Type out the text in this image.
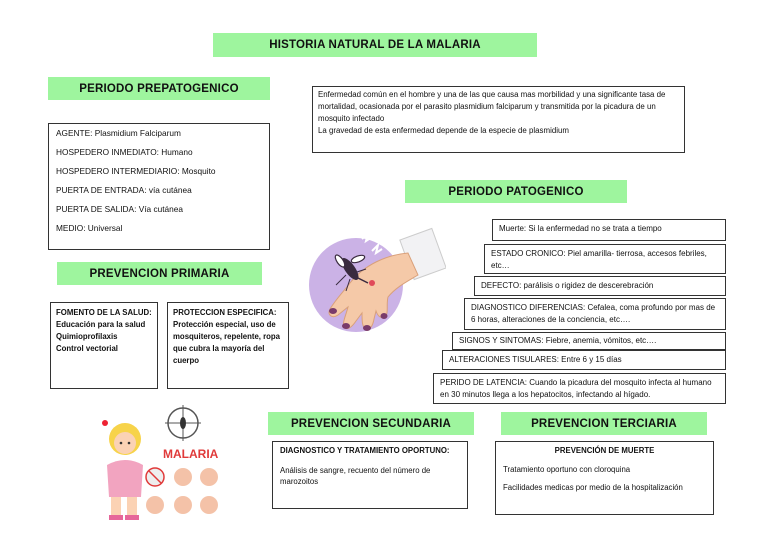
HISTORIA NATURAL DE LA MALARIA
PERIODO PREPATOGENICO

AGENTE: Plasmidium Falciparum

HOSPEDERO INMEDIATO: Humano

HOSPEDERO INTERMEDIARIO: Mosquito

PUERTA DE ENTRADA: vía cutánea

PUERTA DE SALIDA: Vía cutánea

MEDIO: Universal

Enfermedad común en el hombre y una de las que causa mas morbilidad y una significante tasa de mortalidad, ocasionada por el parasito plasmidium falciparum y transmitida por la picadura de un mosquito infectado
La gravedad de esta enfermedad depende de la especie de plasmidium
PERIODO PATOGENICO
Muerte: Si la enfermedad no se trata a tiempo
ESTADO CRONICO: Piel amarilla- tierrosa, accesos febriles, etc…
DEFECTO: parálisis o rigidez de descerebración
DIAGNOSTICO DIFERENCIAS: Cefalea, coma profundo por mas de 6 horas, alteraciones de la conciencia, etc….
SIGNOS Y SINTOMAS: Fiebre, anemia, vómitos, etc….
ALTERACIONES TISULARES: Entre 6 y 15 días
PERIDO DE LATENCIA: Cuando la picadura del mosquito infecta al humano en 30 minutos llega a los hepatocitos, infectando al hígado.
PREVENCION PRIMARIA
FOMENTO DE LA SALUD:
Educación para la salud
Quimioprofilaxis
Control vectorial
PROTECCION ESPECIFICA:
Protección especial, uso de mosquiteros, repelente, ropa que cubra la mayoría del cuerpo
MALARIA
PREVENCION SECUNDARIA
DIAGNOSTICO Y TRATAMIENTO OPORTUNO:
Análisis de sangre, recuento del número de marozoitos
PREVENCION TERCIARIA
PREVENCIÓN DE MUERTE
Tratamiento oportuno con cloroquina
Facilidades medicas por medio de la hospitalización
